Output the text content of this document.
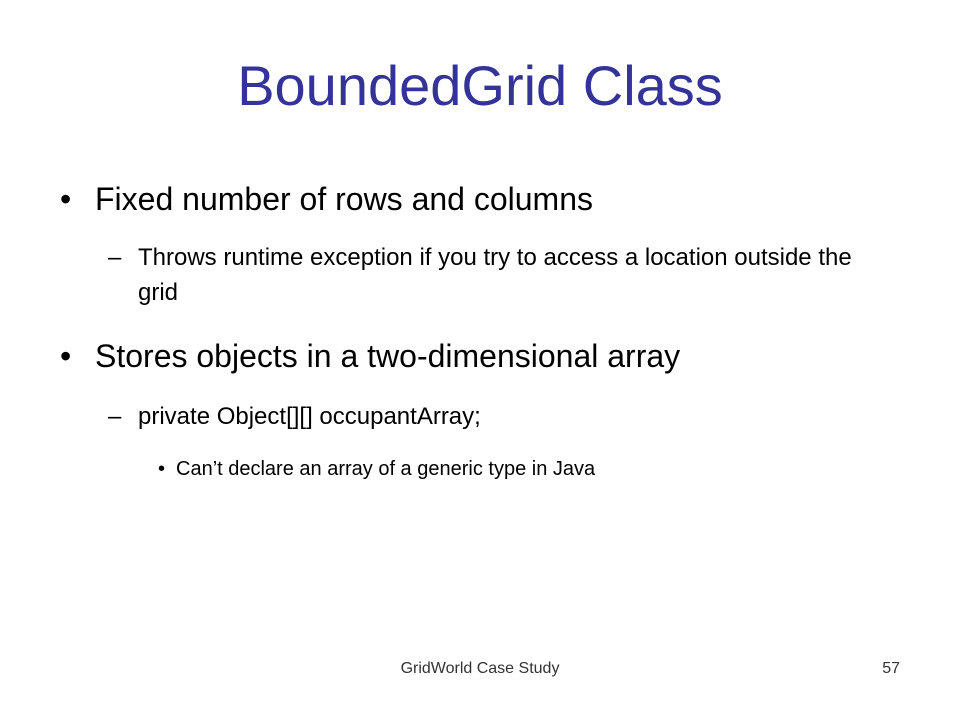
BoundedGrid Class
• Fixed number of rows and columns
– Throws runtime exception if you try to access a location outside the grid
• Stores objects in a two-dimensional array
– private Object[][] occupantArray;
• Can’t declare an array of a generic type in Java
GridWorld Case Study	57
